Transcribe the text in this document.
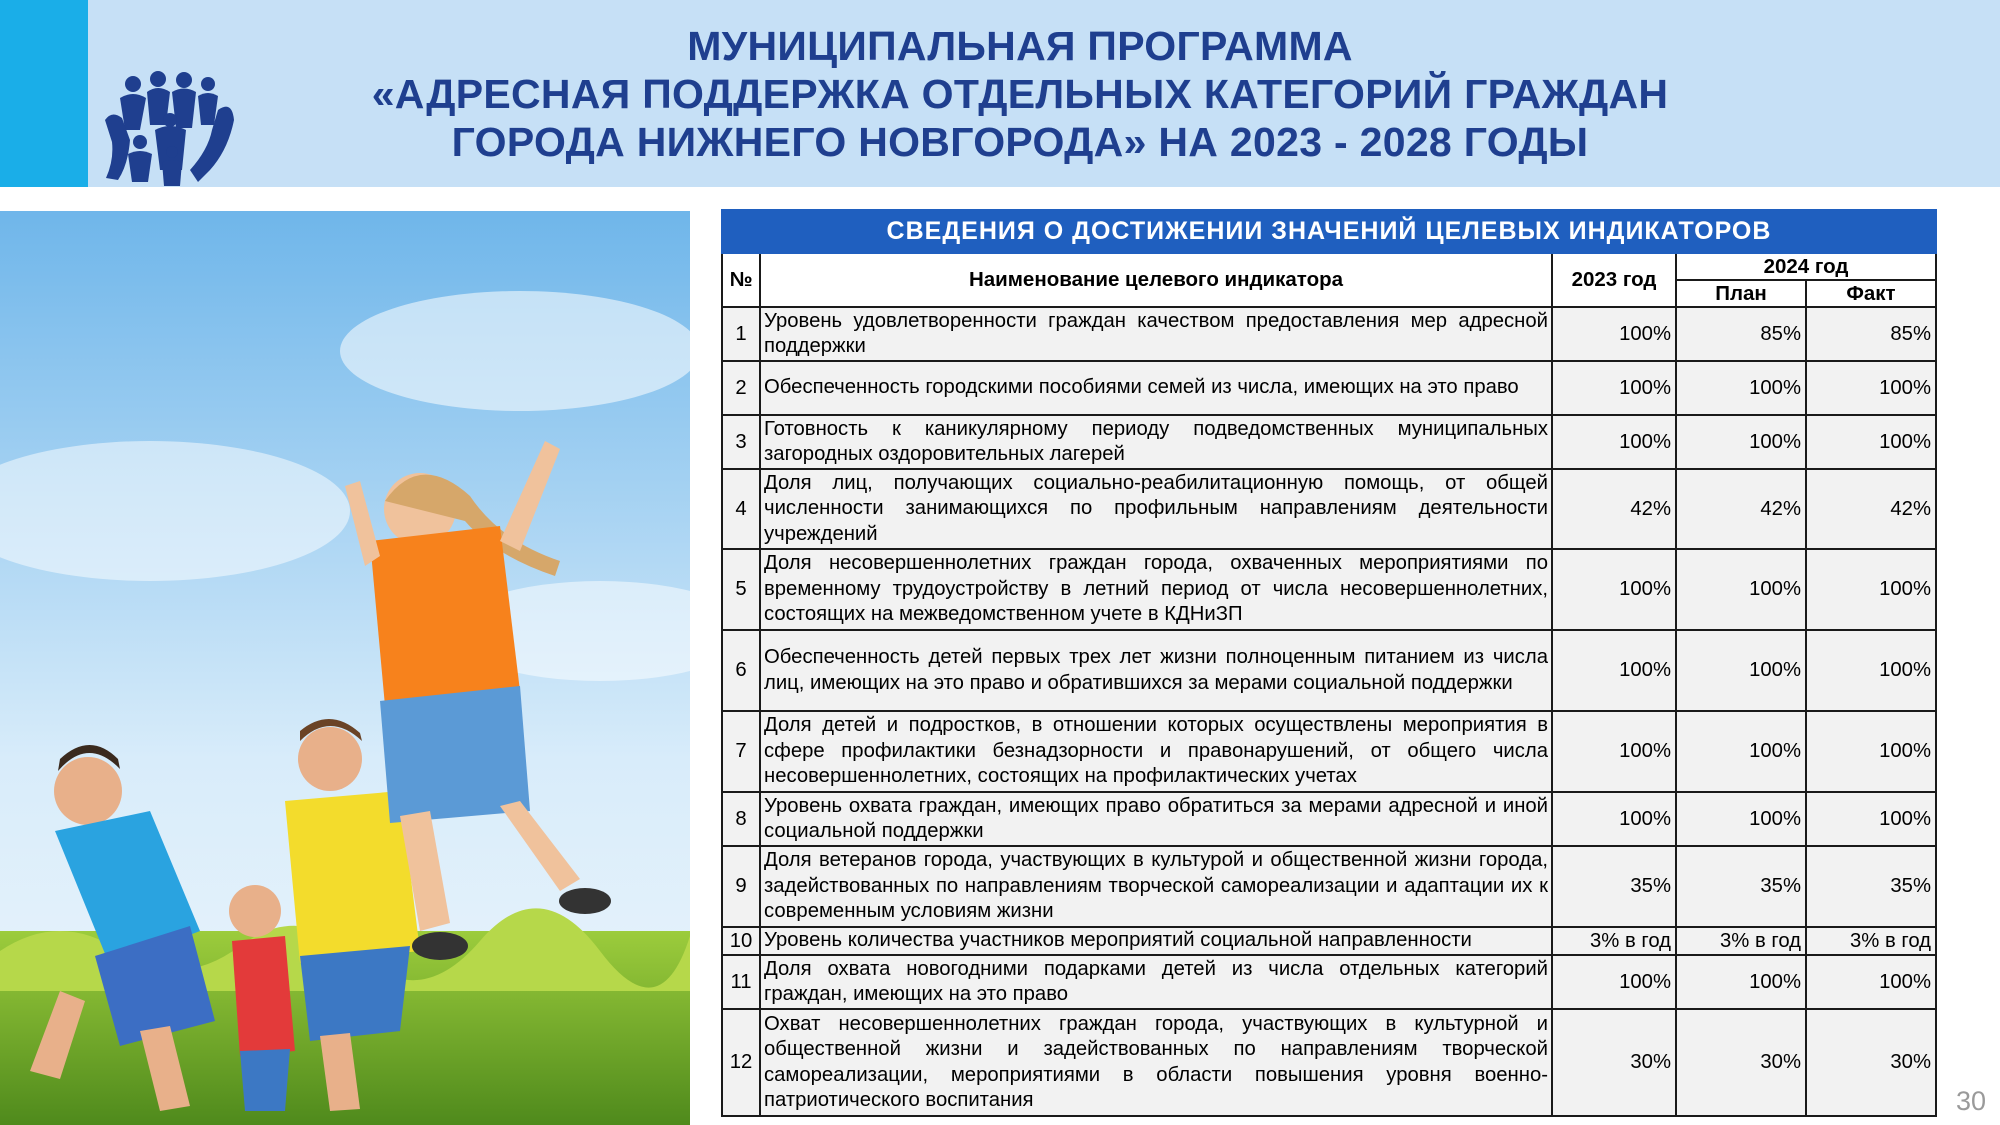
МУНИЦИПАЛЬНАЯ ПРОГРАММА
«АДРЕСНАЯ ПОДДЕРЖКА ОТДЕЛЬНЫХ КАТЕГОРИЙ ГРАЖДАН
ГОРОДА НИЖНЕГО НОВГОРОДА» НА 2023 - 2028 ГОДЫ
СВЕДЕНИЯ О ДОСТИЖЕНИИ ЗНАЧЕНИЙ ЦЕЛЕВЫХ ИНДИКАТОРОВ				
№	Наименование целевого индикатора	2023 год	2024 год	
			План	Факт
1	Уровень удовлетворенности граждан качеством предоставления мер адресной поддержки	100%	85%	85%
2	Обеспеченность городскими пособиями семей из числа, имеющих на это право	100%	100%	100%
3	Готовность к каникулярному периоду подведомственных муниципальных загородных оздоровительных лагерей	100%	100%	100%
4	Доля лиц, получающих социально-реабилитационную помощь, от общей численности занимающихся по профильным направлениям деятельности учреждений	42%	42%	42%
5	Доля несовершеннолетних граждан города, охваченных мероприятиями по временному трудоустройству в летний период от числа несовершеннолетних, состоящих на межведомственном учете в КДНиЗП	100%	100%	100%
6	Обеспеченность детей первых трех лет жизни полноценным питанием из числа лиц, имеющих на это право и обратившихся за мерами социальной поддержки	100%	100%	100%
7	Доля детей и подростков, в отношении которых осуществлены мероприятия в сфере профилактики безнадзорности и правонарушений, от общего числа несовершеннолетних, состоящих на профилактических учетах	100%	100%	100%
8	Уровень охвата граждан, имеющих право обратиться за мерами адресной и иной социальной поддержки	100%	100%	100%
9	Доля ветеранов города, участвующих в культурой и общественной жизни города, задействованных по направлениям творческой самореализации и адаптации их к современным условиям жизни	35%	35%	35%
10	Уровень количества участников мероприятий социальной направленности	3% в год	3% в год	3% в год
11	Доля охвата новогодними подарками детей из числа отдельных категорий граждан, имеющих на это право	100%	100%	100%
12	Охват несовершеннолетних граждан города, участвующих в культурной и общественной жизни и задействованных по направлениям творческой самореализации, мероприятиями в области повышения уровня военно-патриотического воспитания	30%	30%	30%
30
